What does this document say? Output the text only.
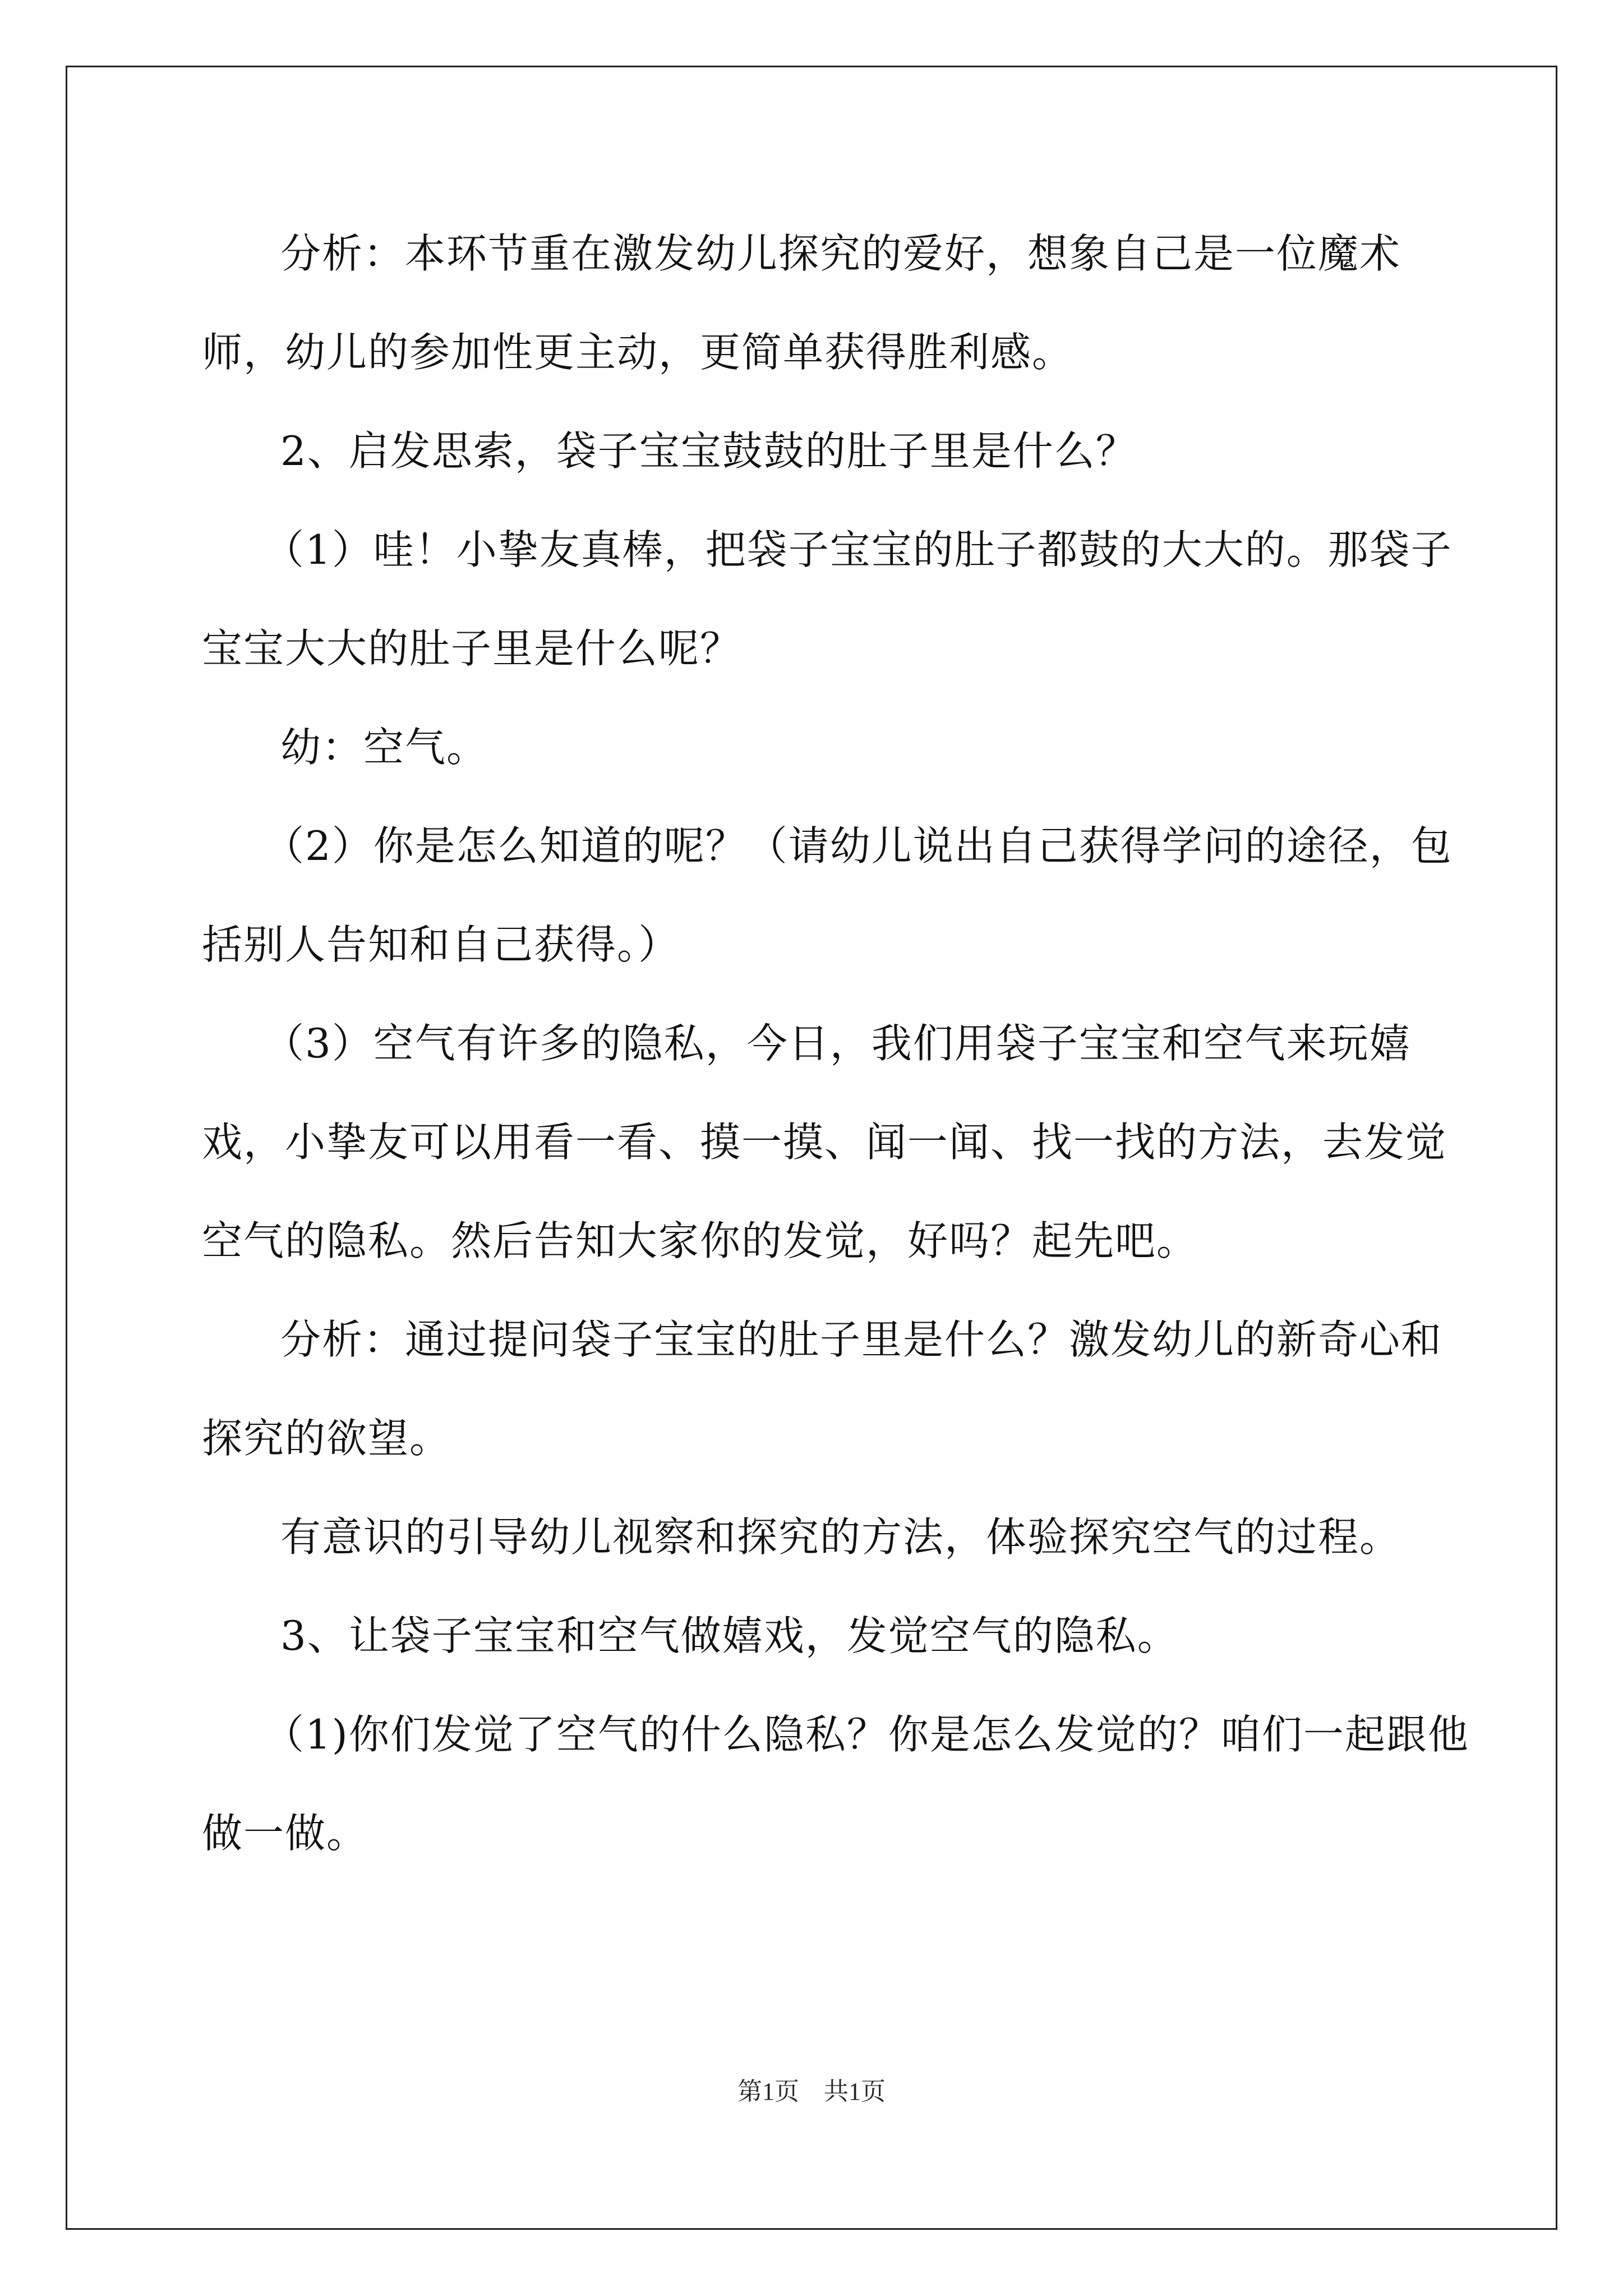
分析：本环节重在激发幼儿探究的爱好，想象自己是一位魔术师，幼儿的参加性更主动，更简单获得胜利感。

2、启发思索，袋子宝宝鼓鼓的肚子里是什么？

（1）哇！小挚友真棒，把袋子宝宝的肚子都鼓的大大的。那袋子宝宝大大的肚子里是什么呢？

幼：空气。

（2）你是怎么知道的呢？（请幼儿说出自己获得学问的途径，包括别人告知和自己获得。）

（3）空气有许多的隐私，今日，我们用袋子宝宝和空气来玩嬉戏，小挚友可以用看一看、摸一摸、闻一闻、找一找的方法，去发觉空气的隐私。然后告知大家你的发觉，好吗？起先吧。

分析：通过提问袋子宝宝的肚子里是什么？激发幼儿的新奇心和探究的欲望。

有意识的引导幼儿视察和探究的方法，体验探究空气的过程。

3、让袋子宝宝和空气做嬉戏，发觉空气的隐私。

（1)你们发觉了空气的什么隐私？你是怎么发觉的？咱们一起跟他做一做。

第1页　共1页
